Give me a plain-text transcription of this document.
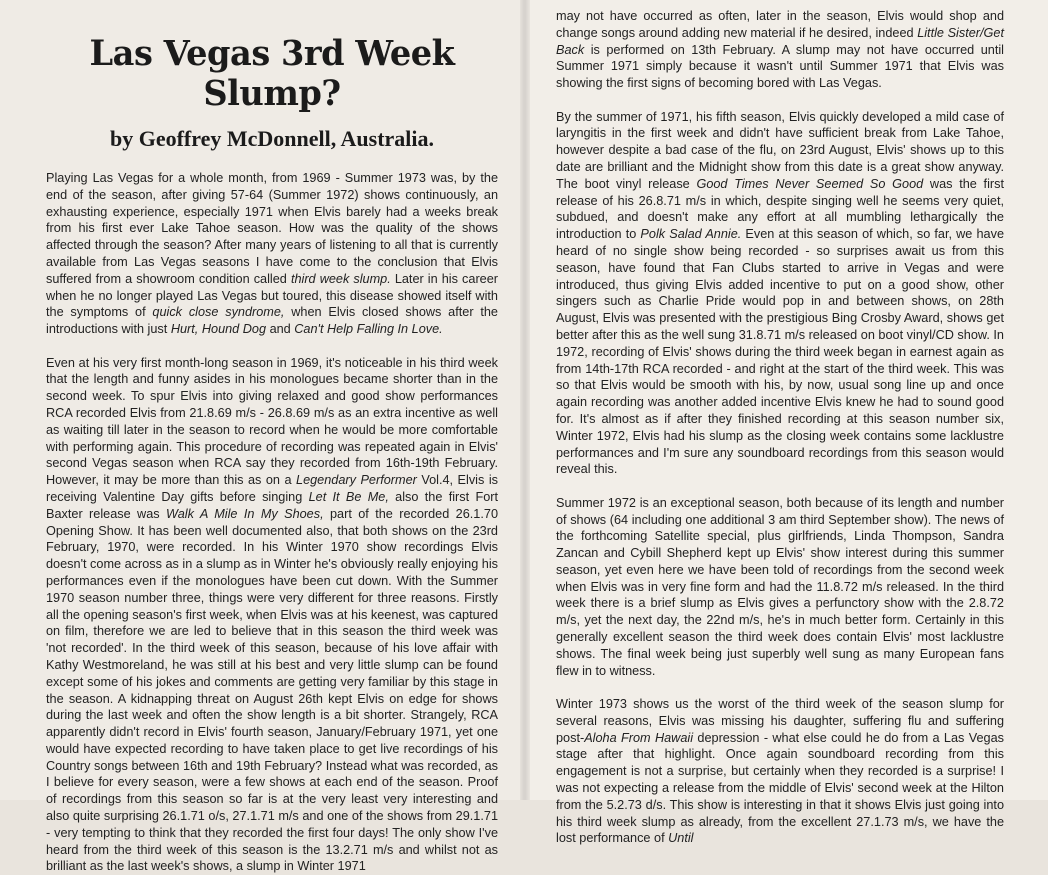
Las Vegas 3rd Week Slump?
by Geoffrey McDonnell, Australia.

Playing Las Vegas for a whole month, from 1969 - Summer 1973 was, by the end of the season, after giving 57-64 (Summer 1972) shows continuously, an exhausting experience, especially 1971 when Elvis barely had a weeks break from his first ever Lake Tahoe season. How was the quality of the shows affected through the season? After many years of listening to all that is currently available from Las Vegas seasons I have come to the conclusion that Elvis suffered from a showroom condition called third week slump. Later in his career when he no longer played Las Vegas but toured, this disease showed itself with the symptoms of quick close syndrome, when Elvis closed shows after the introductions with just Hurt, Hound Dog and Can't Help Falling In Love.

Even at his very first month-long season in 1969, it's noticeable in his third week that the length and funny asides in his monologues became shorter than in the second week. To spur Elvis into giving relaxed and good show performances RCA recorded Elvis from 21.8.69 m/s - 26.8.69 m/s as an extra incentive as well as waiting till later in the season to record when he would be more comfortable with performing again. This procedure of recording was repeated again in Elvis' second Vegas season when RCA say they recorded from 16th-19th February. However, it may be more than this as on a Legendary Performer Vol.4, Elvis is receiving Valentine Day gifts before singing Let It Be Me, also the first Fort Baxter release was Walk A Mile In My Shoes, part of the recorded 26.1.70 Opening Show. It has been well documented also, that both shows on the 23rd February, 1970, were recorded. In his Winter 1970 show recordings Elvis doesn't come across as in a slump as in Winter he's obviously really enjoying his performances even if the monologues have been cut down. With the Summer 1970 season number three, things were very different for three reasons. Firstly all the opening season's first week, when Elvis was at his keenest, was captured on film, therefore we are led to believe that in this season the third week was 'not recorded'. In the third week of this season, because of his love affair with Kathy Westmoreland, he was still at his best and very little slump can be found except some of his jokes and comments are getting very familiar by this stage in the season. A kidnapping threat on August 26th kept Elvis on edge for shows during the last week and often the show length is a bit shorter. Strangely, RCA apparently didn't record in Elvis' fourth season, January/February 1971, yet one would have expected recording to have taken place to get live recordings of his Country songs between 16th and 19th February? Instead what was recorded, as I believe for every season, were a few shows at each end of the season. Proof of recordings from this season so far is at the very least very interesting and also quite surprising 26.1.71 o/s, 27.1.71 m/s and one of the shows from 29.1.71 - very tempting to think that they recorded the first four days! The only show I've heard from the third week of this season is the 13.2.71 m/s and whilst not as brilliant as the last week's shows, a slump in Winter 1971

may not have occurred as often, later in the season, Elvis would shop and change songs around adding new material if he desired, indeed Little Sister/Get Back is performed on 13th February. A slump may not have occurred until Summer 1971 simply because it wasn't until Summer 1971 that Elvis was showing the first signs of becoming bored with Las Vegas.

By the summer of 1971, his fifth season, Elvis quickly developed a mild case of laryngitis in the first week and didn't have sufficient break from Lake Tahoe, however despite a bad case of the flu, on 23rd August, Elvis' shows up to this date are brilliant and the Midnight show from this date is a great show anyway. The boot vinyl release Good Times Never Seemed So Good was the first release of his 26.8.71 m/s in which, despite singing well he seems very quiet, subdued, and doesn't make any effort at all mumbling lethargically the introduction to Polk Salad Annie. Even at this season of which, so far, we have heard of no single show being recorded - so surprises await us from this season, have found that Fan Clubs started to arrive in Vegas and were introduced, thus giving Elvis added incentive to put on a good show, other singers such as Charlie Pride would pop in and between shows, on 28th August, Elvis was presented with the prestigious Bing Crosby Award, shows get better after this as the well sung 31.8.71 m/s released on boot vinyl/CD show. In 1972, recording of Elvis' shows during the third week began in earnest again as from 14th-17th RCA recorded - and right at the start of the third week. This was so that Elvis would be smooth with his, by now, usual song line up and once again recording was another added incentive Elvis knew he had to sound good for. It's almost as if after they finished recording at this season number six, Winter 1972, Elvis had his slump as the closing week contains some lacklustre performances and I'm sure any soundboard recordings from this season would reveal this.

Summer 1972 is an exceptional season, both because of its length and number of shows (64 including one additional 3 am third September show). The news of the forthcoming Satellite special, plus girlfriends, Linda Thompson, Sandra Zancan and Cybill Shepherd kept up Elvis' show interest during this summer season, yet even here we have been told of recordings from the second week when Elvis was in very fine form and had the 11.8.72 m/s released. In the third week there is a brief slump as Elvis gives a perfunctory show with the 2.8.72 m/s, yet the next day, the 22nd m/s, he's in much better form. Certainly in this generally excellent season the third week does contain Elvis' most lacklustre shows. The final week being just superbly well sung as many European fans flew in to witness.

Winter 1973 shows us the worst of the third week of the season slump for several reasons, Elvis was missing his daughter, suffering flu and suffering post-Aloha From Hawaii depression - what else could he do from a Las Vegas stage after that highlight. Once again soundboard recording from this engagement is not a surprise, but certainly when they recorded is a surprise! I was not expecting a release from the middle of Elvis' second week at the Hilton from the 5.2.73 d/s. This show is interesting in that it shows Elvis just going into his third week slump as already, from the excellent 27.1.73 m/s, we have the lost performance of Until
